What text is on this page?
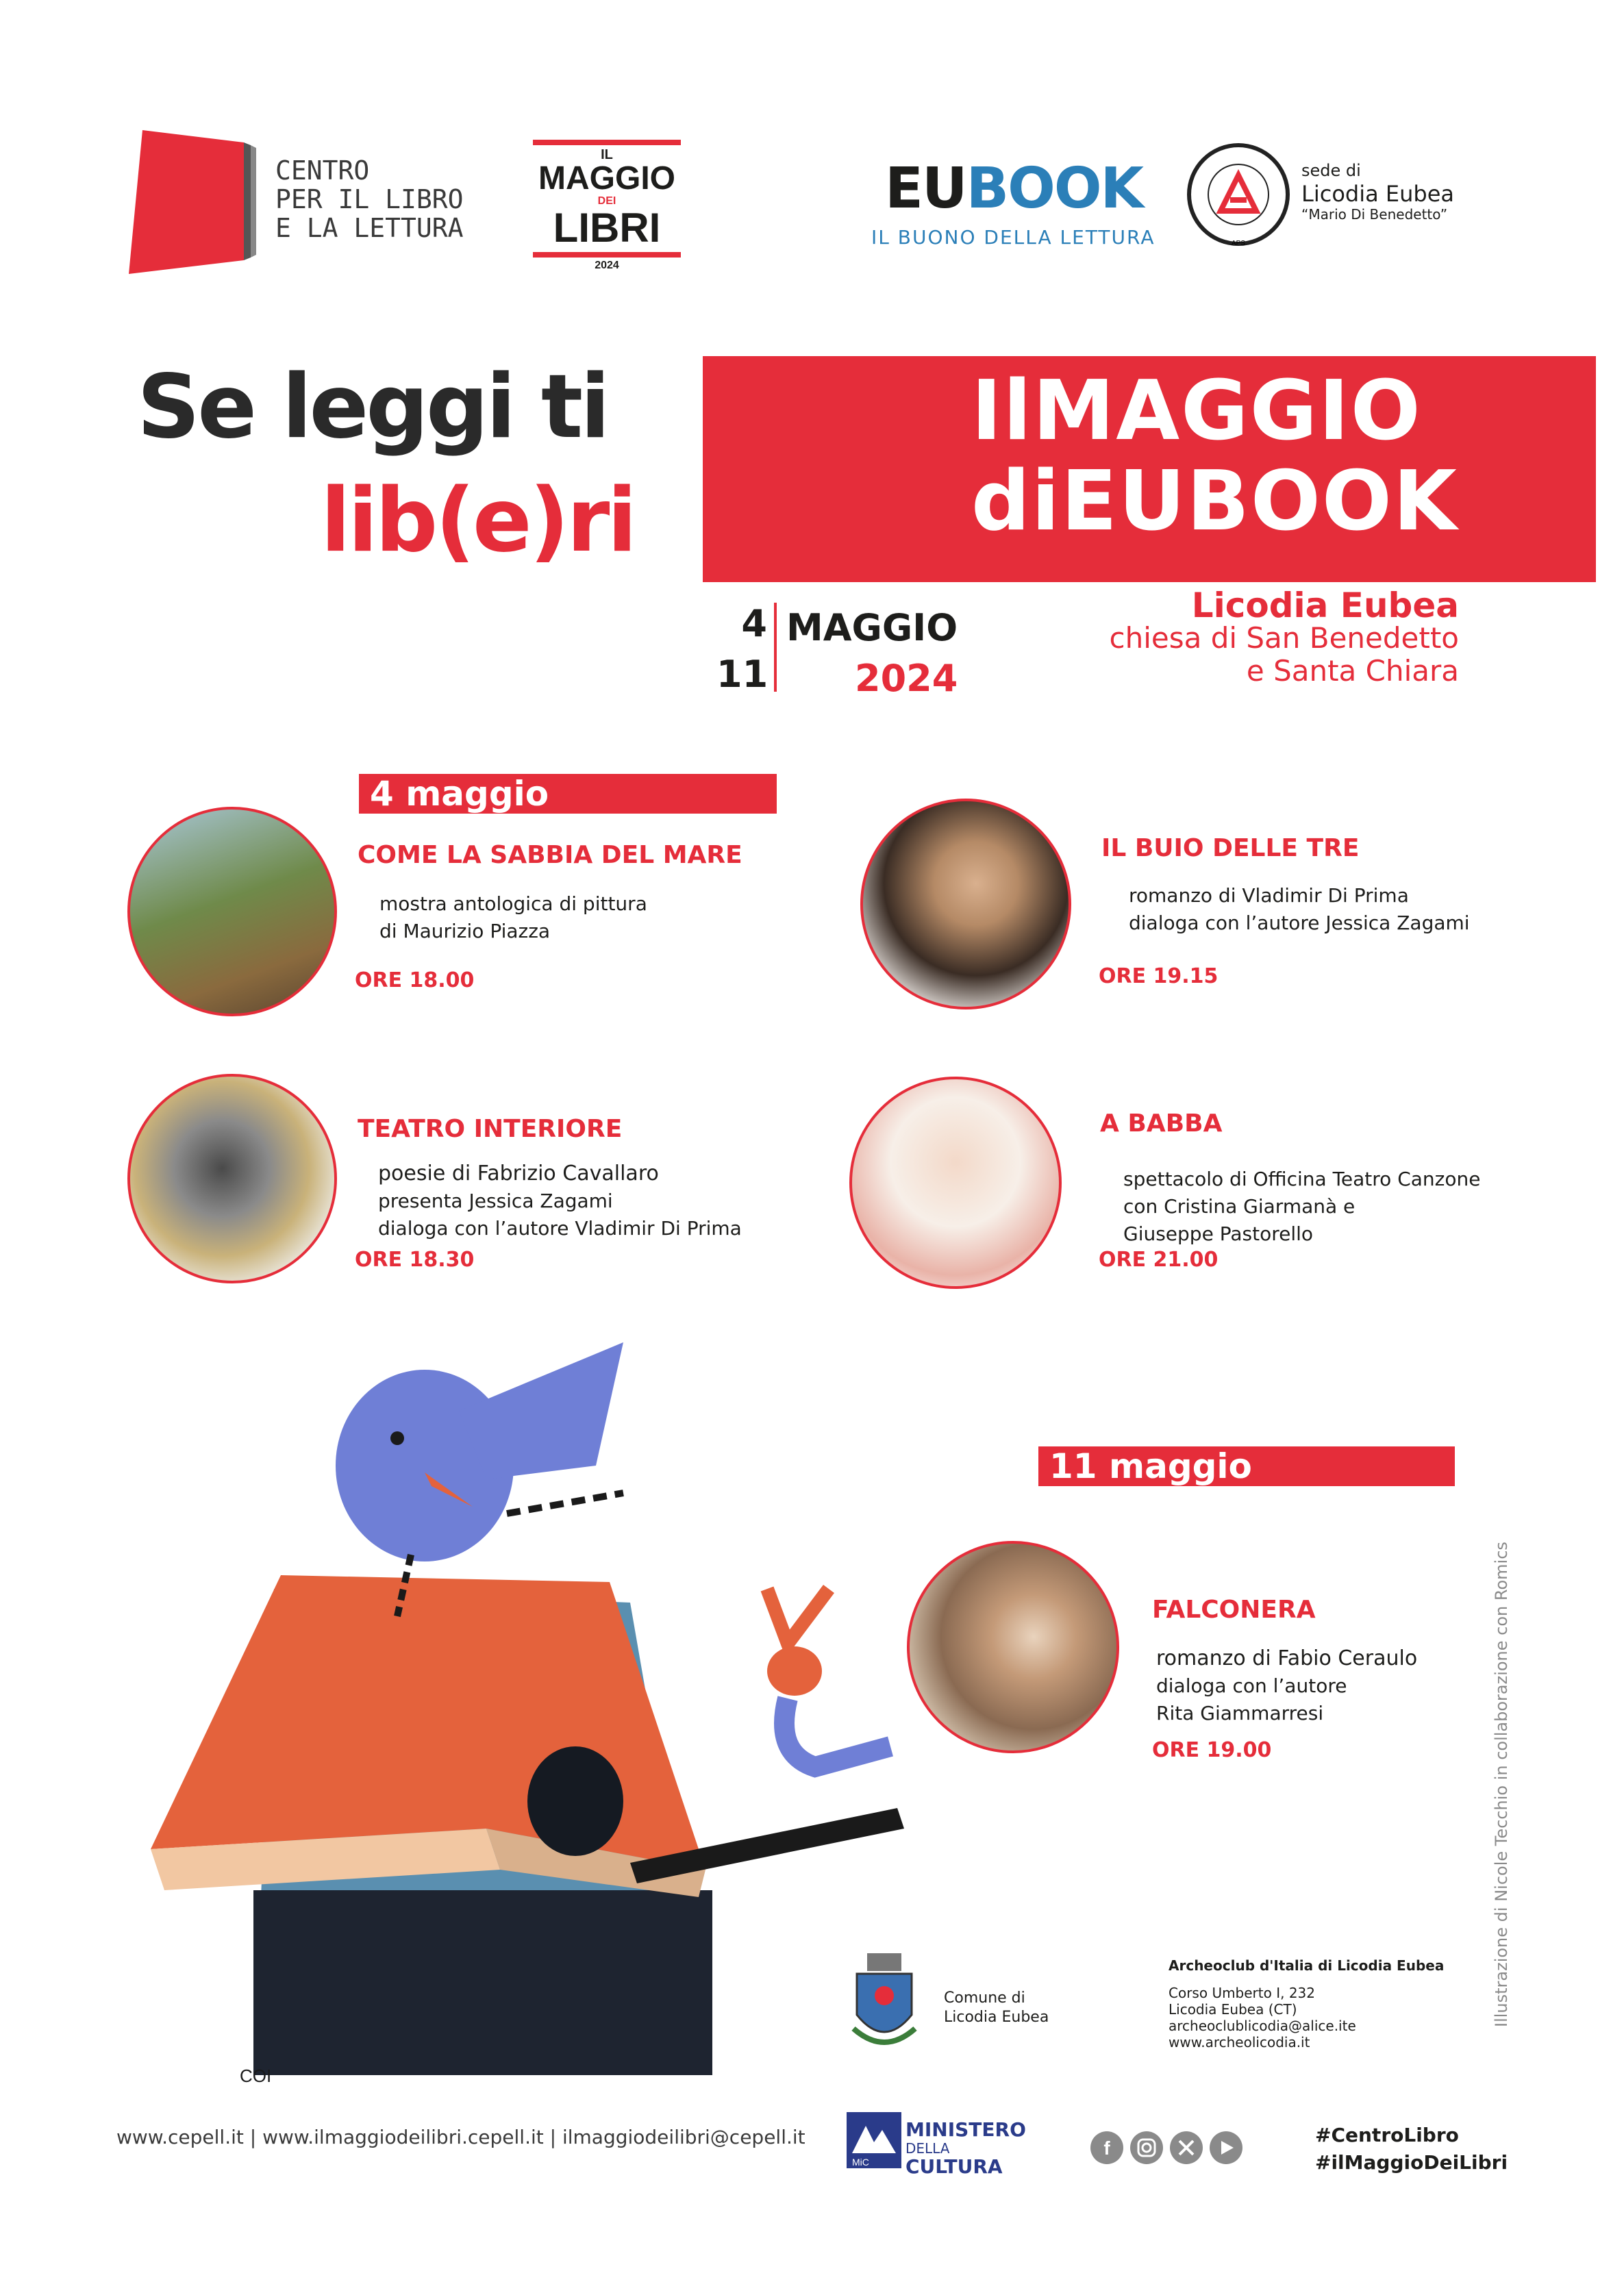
CENTRO
PER IL LIBRO
E LA LETTURA
IL
MAGGIO
DEI
LIBRI
2024
EUBOOK
IL BUONO DELLA LETTURA	APS
sede di
Licodia Eubea
“Mario Di Benedetto”
Se leggi ti
lib(e)ri
IlMAGGIO
diEUBOOK
4
11
MAGGIO
2024
Licodia Eubea
chiesa di San Benedetto
e Santa Chiara
4 maggio
COME LA SABBIA DEL MARE
mostra antologica di pittura
di Maurizio Piazza
ORE 18.00
IL BUIO DELLE TRE
romanzo di Vladimir Di Prima
dialoga con l’autore Jessica Zagami
ORE 19.15
TEATRO INTERIORE
poesie di Fabrizio Cavallaro
presenta Jessica Zagami
dialoga con l’autore Vladimir Di Prima
ORE 18.30
A BABBA
spettacolo di Officina Teatro Canzone
con Cristina Giarmanà e
Giuseppe Pastorello
ORE 21.00
11 maggio
FALCONERA
romanzo di Fabio Ceraulo
dialoga con l’autore
Rita Giammarresi
ORE 19.00
COI
Illustrazione di Nicole Tecchio in collaborazione con Romics
Comune di
Licodia Eubea
Archeoclub d'Italia di Licodia Eubea
Corso Umberto I, 232
Licodia Eubea (CT)
archeoclublicodia@alice.ite
www.archeolicodia.it
www.cepell.it | www.ilmaggiodeilibri.cepell.it | ilmaggiodeilibri@cepell.it
MiC
MINISTERO
DELLA
CULTURA
f
#CentroLibro
#ilMaggioDeiLibri
